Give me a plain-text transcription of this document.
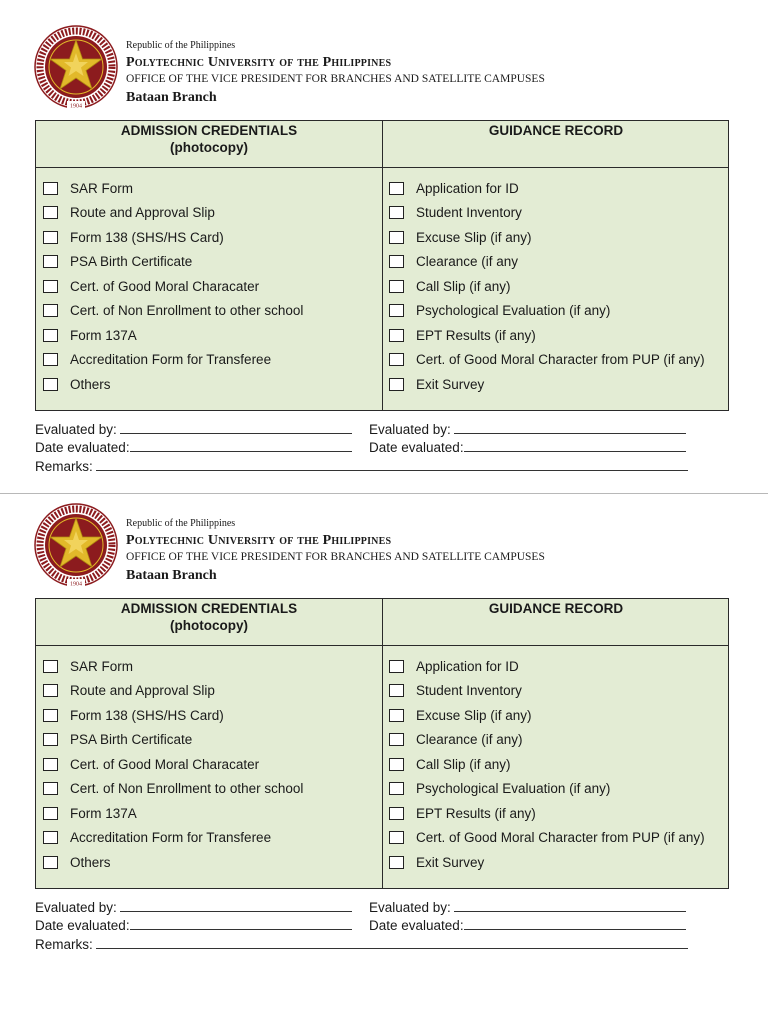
1904
Republic of the Philippines
Polytechnic University of the Philippines
OFFICE OF THE VICE PRESIDENT FOR BRANCHES AND SATELLITE CAMPUSES
Bataan Branch
ADMISSION CREDENTIALS
(photocopy)
GUIDANCE RECORD
SAR Form
Route and Approval Slip
Form 138 (SHS/HS Card)
PSA Birth Certificate
Cert. of Good Moral Characater
Cert. of Non Enrollment to other school
Form 137A
Accreditation Form for Transferee
Others
Application for ID
Student Inventory
Excuse Slip (if any)
Clearance (if any
Call Slip (if any)
Psychological Evaluation (if any)
EPT Results (if any)
Cert. of Good Moral Character from PUP (if any)
Exit Survey
Evaluated by:	Evaluated by:
Date evaluated:	Date evaluated:
Remarks:
1904
Republic of the Philippines
Polytechnic University of the Philippines
OFFICE OF THE VICE PRESIDENT FOR BRANCHES AND SATELLITE CAMPUSES
Bataan Branch
ADMISSION CREDENTIALS
(photocopy)
GUIDANCE RECORD
SAR Form
Route and Approval Slip
Form 138 (SHS/HS Card)
PSA Birth Certificate
Cert. of Good Moral Characater
Cert. of Non Enrollment to other school
Form 137A
Accreditation Form for Transferee
Others
Application for ID
Student Inventory
Excuse Slip (if any)
Clearance (if any)
Call Slip (if any)
Psychological Evaluation (if any)
EPT Results (if any)
Cert. of Good Moral Character from PUP (if any)
Exit Survey
Evaluated by:	Evaluated by:
Date evaluated:	Date evaluated:
Remarks:
